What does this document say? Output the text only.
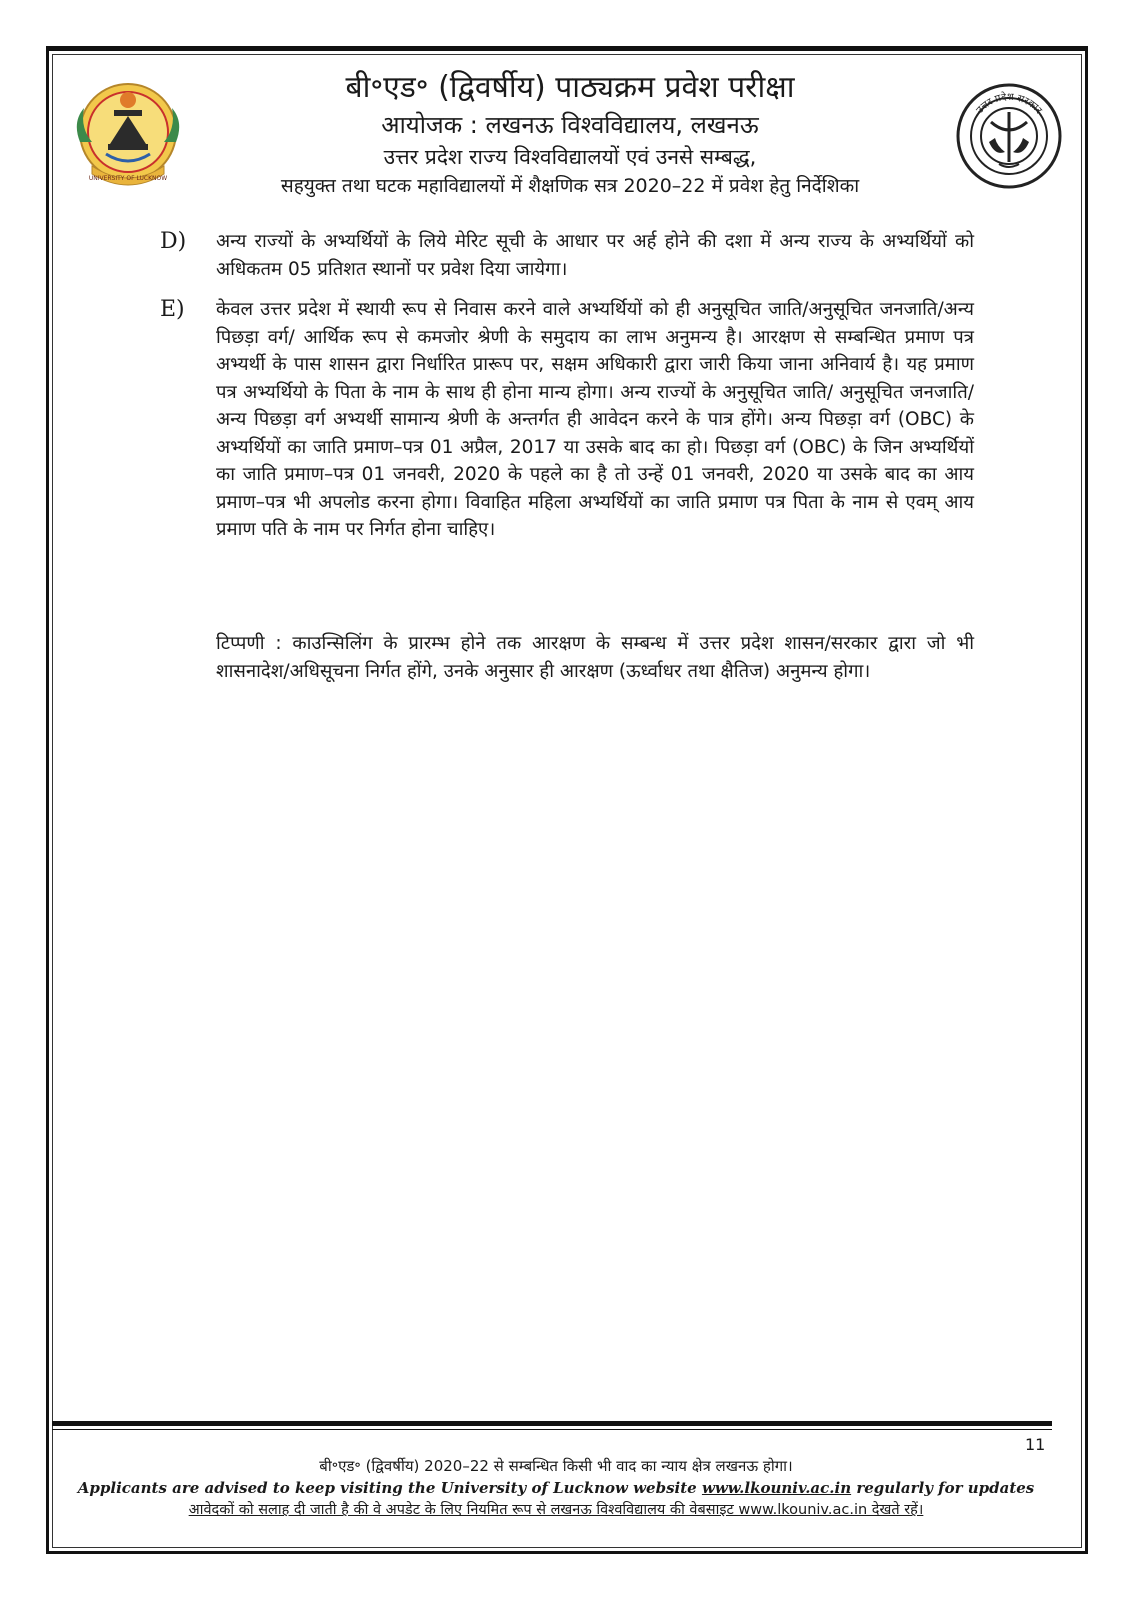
UNIVERSITY OF LUCKNOW
उत्तर प्रदेश सरकार

बी॰एड॰ (द्विवर्षीय) पाठ्यक्रम प्रवेश परीक्षा

आयोजक : लखनऊ विश्वविद्यालय, लखनऊ

उत्तर प्रदेश राज्य विश्वविद्यालयों एवं उनसे सम्बद्ध,

सहयुक्त तथा घटक महाविद्यालयों में शैक्षणिक सत्र 2020–22 में प्रवेश हेतु निर्देशिका

D) अन्य राज्यों के अभ्यर्थियों के लिये मेरिट सूची के आधार पर अर्ह होने की दशा में अन्य राज्य के अभ्यर्थियों को अधिकतम 05 प्रतिशत स्थानों पर प्रवेश दिया जायेगा।

E) केवल उत्तर प्रदेश में स्थायी रूप से निवास करने वाले अभ्यर्थियों को ही अनुसूचित जाति/अनुसूचित जनजाति/अन्य पिछड़ा वर्ग/ आर्थिक रूप से कमजोर श्रेणी के समुदाय का लाभ अनुमन्य है। आरक्षण से सम्बन्धित प्रमाण पत्र अभ्यर्थी के पास शासन द्वारा निर्धारित प्रारूप पर, सक्षम अधिकारी द्वारा जारी किया जाना अनिवार्य है। यह प्रमाण पत्र अभ्यर्थियो के पिता के नाम के साथ ही होना मान्य होगा। अन्य राज्यों के अनुसूचित जाति/ अनुसूचित जनजाति/ अन्य पिछड़ा वर्ग अभ्यर्थी सामान्य श्रेणी के अन्तर्गत ही आवेदन करने के पात्र होंगे। अन्य पिछड़ा वर्ग (OBC) के अभ्यर्थियों का जाति प्रमाण–पत्र 01 अप्रैल, 2017 या उसके बाद का हो। पिछड़ा वर्ग (OBC) के जिन अभ्यर्थियों का जाति प्रमाण–पत्र 01 जनवरी, 2020 के पहले का है तो उन्हें 01 जनवरी, 2020 या उसके बाद का आय प्रमाण–पत्र भी अपलोड करना होगा। विवाहित महिला अभ्यर्थियों का जाति प्रमाण पत्र पिता के नाम से एवम् आय प्रमाण पति के नाम पर निर्गत होना चाहिए।

टिप्पणी : काउन्सिलिंग के प्रारम्भ होने तक आरक्षण के सम्बन्ध में उत्तर प्रदेश शासन/सरकार द्वारा जो भी शासनादेश/अधिसूचना निर्गत होंगे, उनके अनुसार ही आरक्षण (ऊर्ध्वाधर तथा क्षैतिज) अनुमन्य होगा।

11

बी॰एड॰ (द्विवर्षीय) 2020–22 से सम्बन्धित किसी भी वाद का न्याय क्षेत्र लखनऊ होगा।

Applicants are advised to keep visiting the University of Lucknow website www.lkouniv.ac.in regularly for updates

आवेदकों को सलाह दी जाती है की वे अपडेट के लिए नियमित रूप से लखनऊ विश्वविद्यालय की वेबसाइट www.lkouniv.ac.in देखते रहें।
